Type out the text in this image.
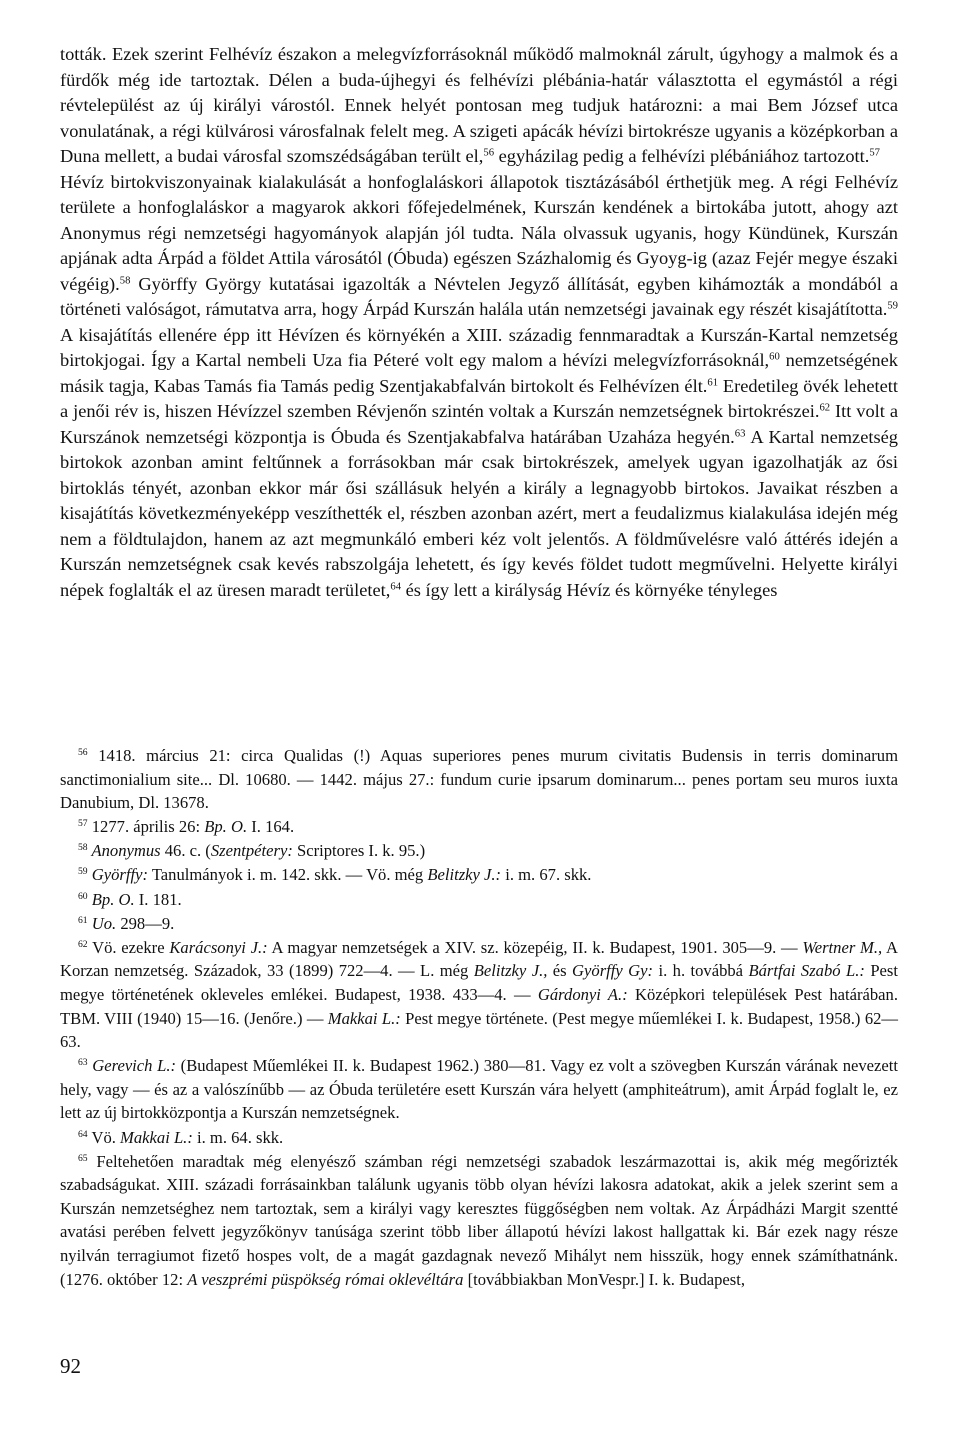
tották. Ezek szerint Felhévíz északon a melegvízforrásoknál működő malmoknál zárult, úgyhogy a malmok és a fürdők még ide tartoztak. Délen a buda-újhegyi és felhévízi plébánia-határ választotta el egymástól a régi révtelepülést az új királyi várostól. Ennek helyét pontosan meg tudjuk határozni: a mai Bem József utca vonulatának, a régi külvárosi városfalnak felelt meg. A szigeti apácák hévízi birtokrésze ugyanis a középkorban a Duna mellett, a budai városfal szomszédságában terült el,$^{56}$ egyházilag pedig a felhévízi plébániához tartozott.$^{57}$

Hévíz birtokviszonyainak kialakulását a honfoglaláskori állapotok tisztázásából érthetjük meg. A régi Felhévíz területe a honfoglaláskor a magyarok akkori főfejedelmének, Kurszán kendének a birtokába jutott, ahogy azt Anonymus régi nemzetségi hagyományok alapján jól tudta. Nála olvassuk ugyanis, hogy Kündünek, Kurszán apjának adta Árpád a földet Attila városától (Óbuda) egészen Százhalomig és Gyoyg-ig (azaz Fejér megye északi végéig).$^{58}$ Györffy György kutatásai igazolták a Névtelen Jegyző állítását, egyben kihámozták a mondából a történeti valóságot, rámutatva arra, hogy Árpád Kurszán halála után nemzetségi javainak egy részét kisajátította.$^{59}$ A kisajátítás ellenére épp itt Hévízen és környékén a XIII. századig fennmaradtak a Kurszán-Kartal nemzetség birtokjogai. Így a Kartal nembeli Uza fia Péteré volt egy malom a hévízi melegvízforrásoknál,$^{60}$ nemzetségének másik tagja, Kabas Tamás fia Tamás pedig Szentjakabfalván birtokolt és Felhévízen élt.$^{61}$ Eredetileg övék lehetett a jenői rév is, hiszen Hévízzel szemben Révjenőn szintén voltak a Kurszán nemzetségnek birtokrészei.$^{62}$ Itt volt a Kurszánok nemzetségi központja is Óbuda és Szentjakabfalva határában Uzaháza hegyén.$^{63}$ A Kartal nemzetség birtokok azonban amint feltűnnek a forrásokban már csak birtokrészek, amelyek ugyan igazolhatják az ősi birtoklás tényét, azonban ekkor már ősi szállásuk helyén a király a legnagyobb birtokos. Javaikat részben a kisajátítás következményeképp veszíthették el, részben azonban azért, mert a feudalizmus kialakulása idején még nem a földtulajdon, hanem az azt megmunkáló emberi kéz volt jelentős. A földművelésre való áttérés idején a Kurszán nemzetségnek csak kevés rabszolgája lehetett, és így kevés földet tudott megművelni. Helyette királyi népek foglalták el az üresen maradt területet,$^{64}$ és így lett a királyság Hévíz és környéke tényleges

$^{56}$ 1418. március 21: circa Qualidas (!) Aquas superiores penes murum civitatis Budensis in terris dominarum sanctimonialium site... Dl. 10680. — 1442. május 27.: fundum curie ipsarum dominarum... penes portam seu muros iuxta Danubium, Dl. 13678.

$^{57}$ 1277. április 26: Bp. O. I. 164.

$^{58}$ Anonymus 46. c. (Szentpétery: Scriptores I. k. 95.)

$^{59}$ Györffy: Tanulmányok i. m. 142. skk. — Vö. még Belitzky J.: i. m. 67. skk.

$^{60}$ Bp. O. I. 181.

$^{61}$ Uo. 298—9.

$^{62}$ Vö. ezekre Karácsonyi J.: A magyar nemzetségek a XIV. sz. közepéig, II. k. Budapest, 1901. 305—9. — Wertner M., A Korzan nemzetség. Századok, 33 (1899) 722—4. — L. még Belitzky J., és Györffy Gy: i. h. továbbá Bártfai Szabó L.: Pest megye történetének okleveles emlékei. Budapest, 1938. 433—4. — Gárdonyi A.: Középkori települések Pest határában. TBM. VIII (1940) 15—16. (Jenőre.) — Makkai L.: Pest megye története. (Pest megye műemlékei I. k. Budapest, 1958.) 62—63.

$^{63}$ Gerevich L.: (Budapest Műemlékei II. k. Budapest 1962.) 380—81. Vagy ez volt a szövegben Kurszán várának nevezett hely, vagy — és az a valószínűbb — az Óbuda területére esett Kurszán vára helyett (amphiteátrum), amit Árpád foglalt le, ez lett az új birtokközpontja a Kurszán nemzetségnek.

$^{64}$ Vö. Makkai L.: i. m. 64. skk.

$^{65}$ Feltehetően maradtak még elenyésző számban régi nemzetségi szabadok leszármazottai is, akik még megőrizték szabadságukat. XIII. századi forrásainkban találunk ugyanis több olyan hévízi lakosra adatokat, akik a jelek szerint sem a Kurszán nemzetséghez nem tartoztak, sem a királyi vagy keresztes függőségben nem voltak. Az Árpádházi Margit szentté avatási perében felvett jegyzőkönyv tanúsága szerint több liber állapotú hévízi lakost hallgattak ki. Bár ezek nagy része nyilván terragiumot fizető hospes volt, de a magát gazdagnak nevező Mihályt nem hisszük, hogy ennek számíthatnánk. (1276. október 12: A veszprémi püspökség római oklevéltára [továbbiakban MonVespr.] I. k. Budapest,

92
